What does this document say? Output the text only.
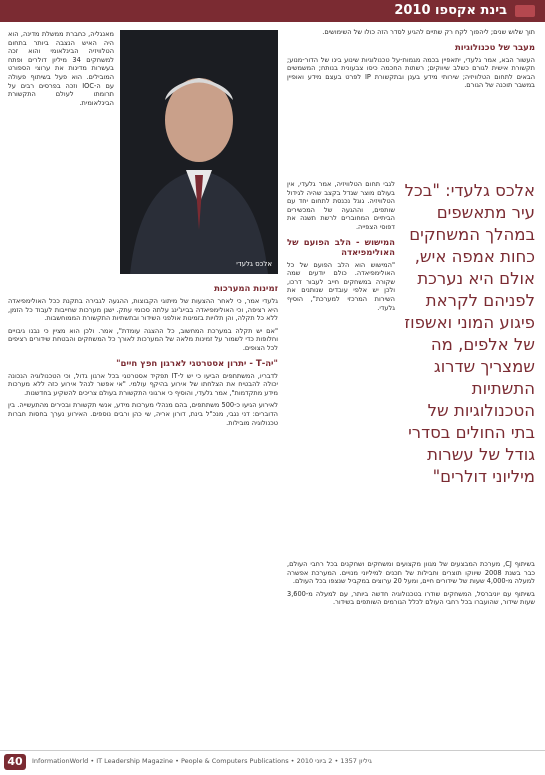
בינת אקספו 2010

תוך שלוש שנים; ליהפוך לקח רק שתיים להגיע לסדר הזה כולו של השימושים.

מעבר של טכנולוגיות

העשור הבא, אמר גלעדי, יתאפיין בכמה מגמות-על טכנולוגיות שינוע בינו של הדור-מנוע; תקשורת אישית לגורם כשלב שיווקים; רשתות החכמה כיסו צבעונית בנותח; המשמשים הבאים לתחום הטלוויזיה; שירותי מידע בענן ובתקשורת IP לפרט בעצם מידע ואופיין במשבר תוכנה של הגורם.

אלכס גלעדי: "בכל עיר מתאשפים במהלך המשחקים כחות אמפה איש, אולם היא נערכת לפניהם לקראת פיגוע המוני ואשפוז של אלפים, מה שמצריך שדרוג התשתיות הטכנולוגיות של בתי החולים בסדרי גודל של עשרות מיליוני דולרים"

לגבי תחום הטלוויזיה, אמר גלעדי, אין בעולם מוצר שגדל בקצב שהיה לגידול הטלוויזיה. גוגל נכנסת לתחום יחד עם שותפים, וההגעה של המכשירים הביתיים המחוברים לרשת תשנה את דפוסי הצפייה.

המישוש - הלב הפועם של האולימפיאדה

"המישוש הוא הלב הפועם של כל האולימפיאדה. כולם יודעים שמה שקורה במשחקים חייב לעבור דרכו, ולכן יש אלפי עובדים שנותנים את השירות המרכזי למערכת", הוסיף גלעדי.

בשיתוף CJ, מערכת המבצעים של מגוון מקצועים ומשחקים ושחקנים בכל רחבי העולם, כבר בשנת 2008 שיווקו תוצרים וחבילות של תכנים למיליוני מנויים. המערכת אפשרה למעלה מ-4,000 שעות של שידורים חיים, ומעל 20 ערוצים במקביל שנצפו בכל העולם.

בשיתוף עם יוניברסל, המשחקים שודרו בטכנולוגיה חדשה ביותר, עם למעלה מ-3,600 שעות שידור, שהועברו בכל רחבי העולם לכלל הגורמים השותפים בשידור.

אלכס גלעדי

מאנגליה, כחברת ממשלת מדינה, הוא היה האיש הנצבה ביותר בתחום הטלוויזיה הבינלאומי והוא זכה למשחקים 34 מיליון דולרים ופתח בעשרות מדינות את ערוצי הספורט המובילים. הוא פעל בשיתוף פעולה עם ה-IOC וזכה בפרסים רבים על תרומתו לעולם התקשורת הבינלאומית.

זמינות המערכות

גלעדי אמר, כי לאחר ההצעות של מיתוגי הקבוצות, ההגעה לגבירה בתקנת ככל האולימפיאדה היא רציפה, וכי האולימפיאדה בבייג'ינג עלתה סכומי עתק. ישנן מערכות שחייבות לעבוד כל הזמן, ללא כל תקלה, והן תלויות בזמינות אולפני השידור ובתשתיות התקשורת הממוחשבות.

"אם יש תקלה במערכת המחשוב, כל ההצגה עומדת", אמר. ולכן הוא מציין כי נבנו גיבויים וחלופות כדי לשמור על זמינות מלאה של המערכות לאורך כל המשחקים והבטחת שידורים רציפים לכל הצופים.

"יה-T - יתרון אסטרטגי לארגון חפץ חיים"

לדבריו, המשתתפים הביעו כי יש ל-IT תפקיד אסטרטגי בכל ארגון גדול, וכי הטכנולוגיה הנכונה יכולה להבטיח את הצלחתו של אירוע בהיקף עולמי. "אי אפשר לנהל אירוע כזה ללא מערכות מידע מתקדמות", אמר גלעדי, והוסיף כי ארגוני התקשורת בעולם צריכים להשקיע בחדשנות.

לאירוע הגיעו כ-500 משתתפים, בהם מנהלי מערכות מידע, אנשי תקשורת ובכירים מהתעשייה. בין הדוברים: דני נגבי, מנכ"ל בינת, דורון אריה, שי כהן ורבים נוספים. האירוע נערך בחסות חברות טכנולוגיה מובילות.

40	InformationWorld • IT Leadership Magazine • People & Computers Publications • גיליון 1357 • 2 ביוני 2010
